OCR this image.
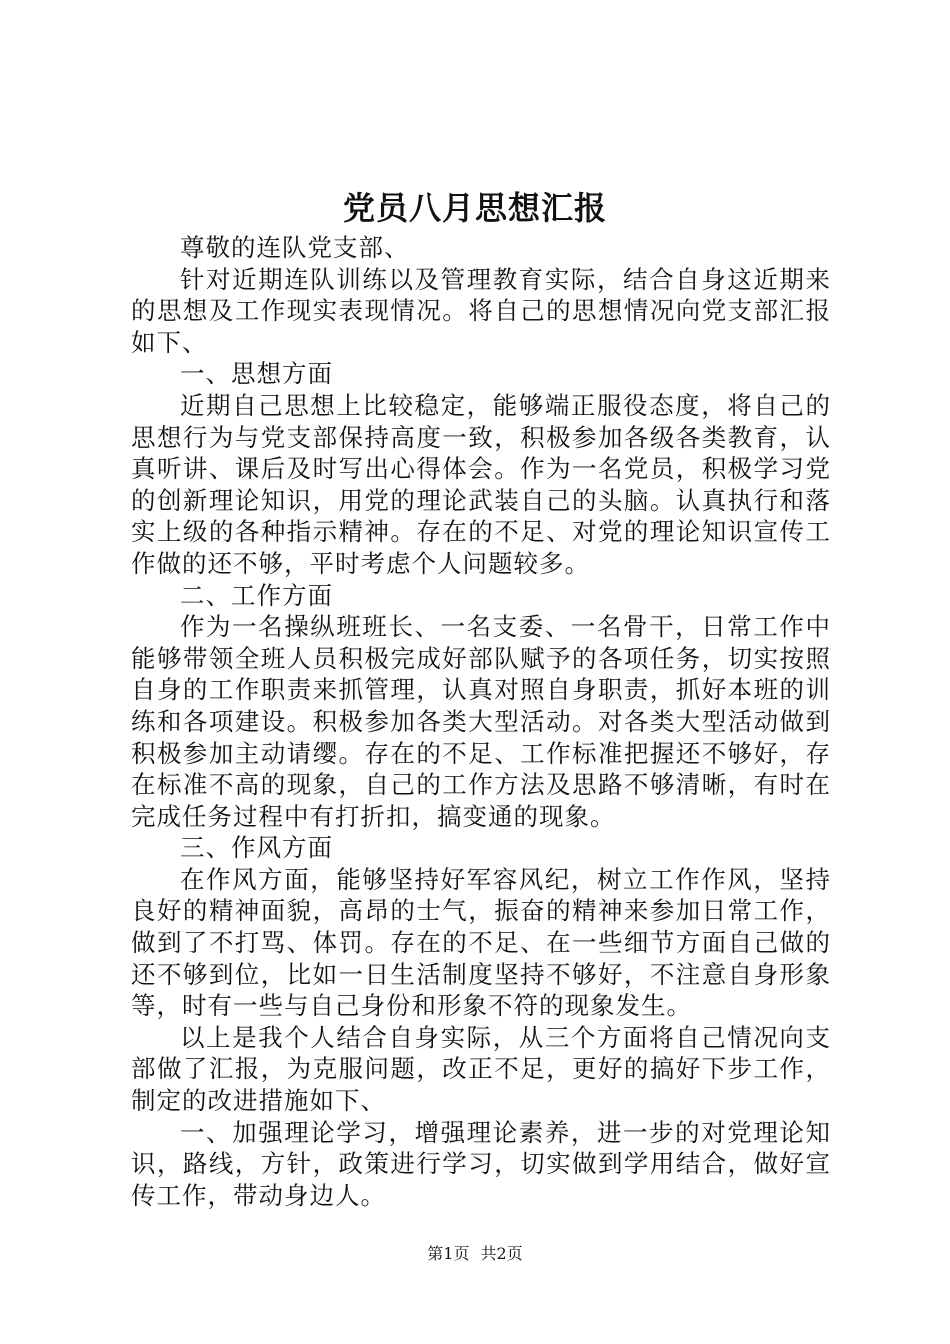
党员八月思想汇报

尊敬的连队党支部、

针对近期连队训练以及管理教育实际，结合自身这近期来的思想及工作现实表现情况。将自己的思想情况向党支部汇报如下、

一、思想方面

近期自己思想上比较稳定，能够端正服役态度，将自己的思想行为与党支部保持高度一致，积极参加各级各类教育，认真听讲、课后及时写出心得体会。作为一名党员，积极学习党的创新理论知识，用党的理论武装自己的头脑。认真执行和落实上级的各种指示精神。存在的不足、对党的理论知识宣传工作做的还不够，平时考虑个人问题较多。

二、工作方面

作为一名操纵班班长、一名支委、一名骨干，日常工作中能够带领全班人员积极完成好部队赋予的各项任务，切实按照自身的工作职责来抓管理，认真对照自身职责，抓好本班的训练和各项建设。积极参加各类大型活动。对各类大型活动做到积极参加主动请缨。存在的不足、工作标准把握还不够好，存在标准不高的现象，自己的工作方法及思路不够清晰，有时在完成任务过程中有打折扣，搞变通的现象。

三、作风方面

在作风方面，能够坚持好军容风纪，树立工作作风，坚持良好的精神面貌，高昂的士气，振奋的精神来参加日常工作，做到了不打骂、体罚。存在的不足、在一些细节方面自己做的还不够到位，比如一日生活制度坚持不够好，不注意自身形象等，时有一些与自己身份和形象不符的现象发生。

以上是我个人结合自身实际，从三个方面将自己情况向支部做了汇报，为克服问题，改正不足，更好的搞好下步工作，制定的改进措施如下、

一、加强理论学习，增强理论素养，进一步的对党理论知识，路线，方针，政策进行学习，切实做到学用结合，做好宣传工作，带动身边人。

第1页 共2页
